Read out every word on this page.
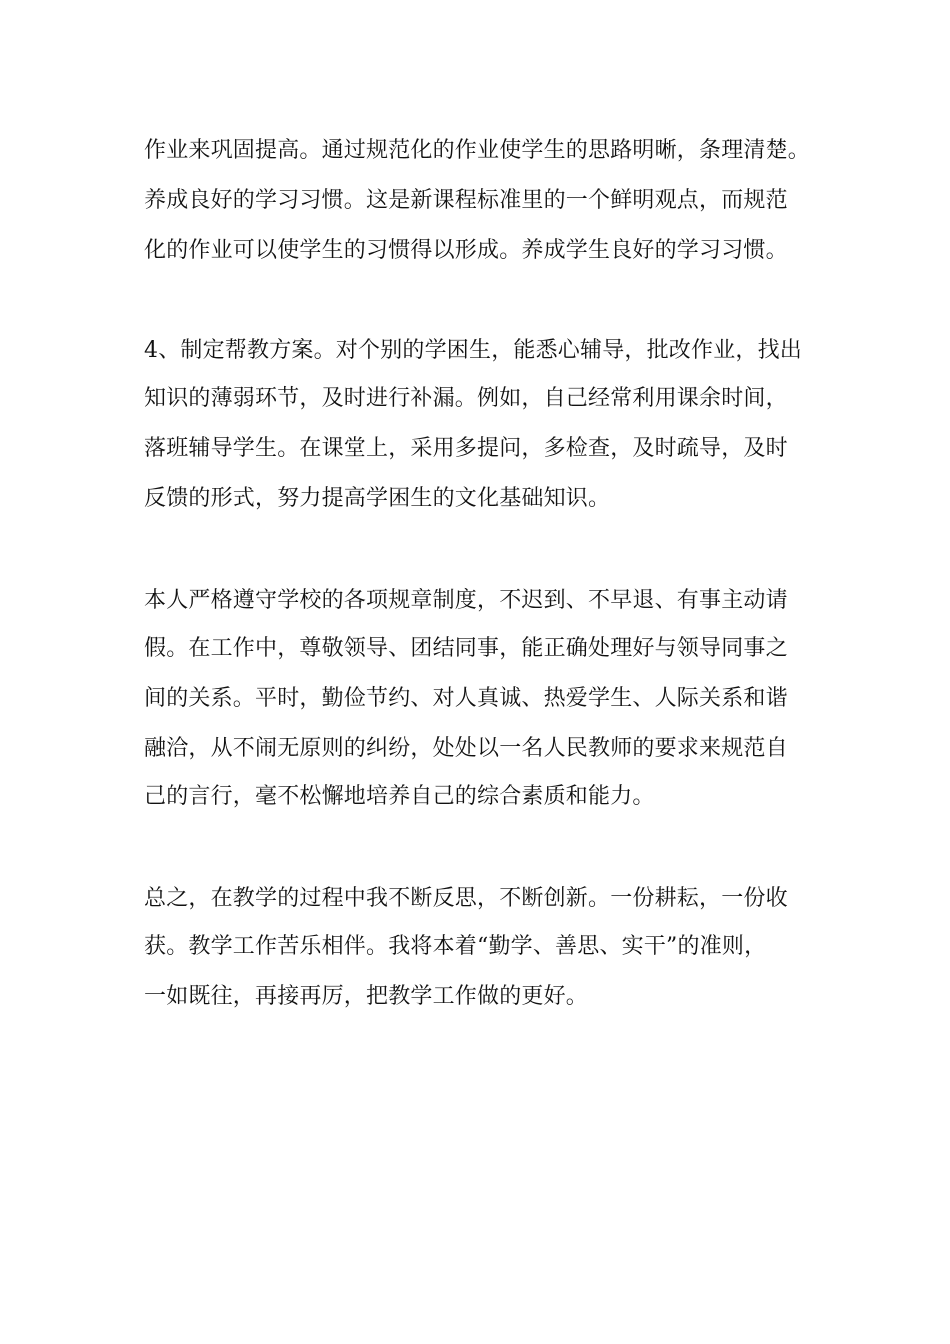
作业来巩固提高。通过规范化的作业使学生的思路明晰，条理清楚。
养成良好的学习习惯。这是新课程标准里的一个鲜明观点，而规范
化的作业可以使学生的习惯得以形成。养成学生良好的学习习惯。
4、制定帮教方案。对个别的学困生，能悉心辅导，批改作业，找出
知识的薄弱环节，及时进行补漏。例如，自己经常利用课余时间，
落班辅导学生。在课堂上，采用多提问，多检查，及时疏导，及时
反馈的形式，努力提高学困生的文化基础知识。
本人严格遵守学校的各项规章制度，不迟到、不早退、有事主动请
假。在工作中，尊敬领导、团结同事，能正确处理好与领导同事之
间的关系。平时，勤俭节约、对人真诚、热爱学生、人际关系和谐
融洽，从不闹无原则的纠纷，处处以一名人民教师的要求来规范自
己的言行，毫不松懈地培养自己的综合素质和能力。
总之，在教学的过程中我不断反思，不断创新。一份耕耘，一份收
获。教学工作苦乐相伴。我将本着“勤学、善思、实干”的准则，
一如既往，再接再厉，把教学工作做的更好。
